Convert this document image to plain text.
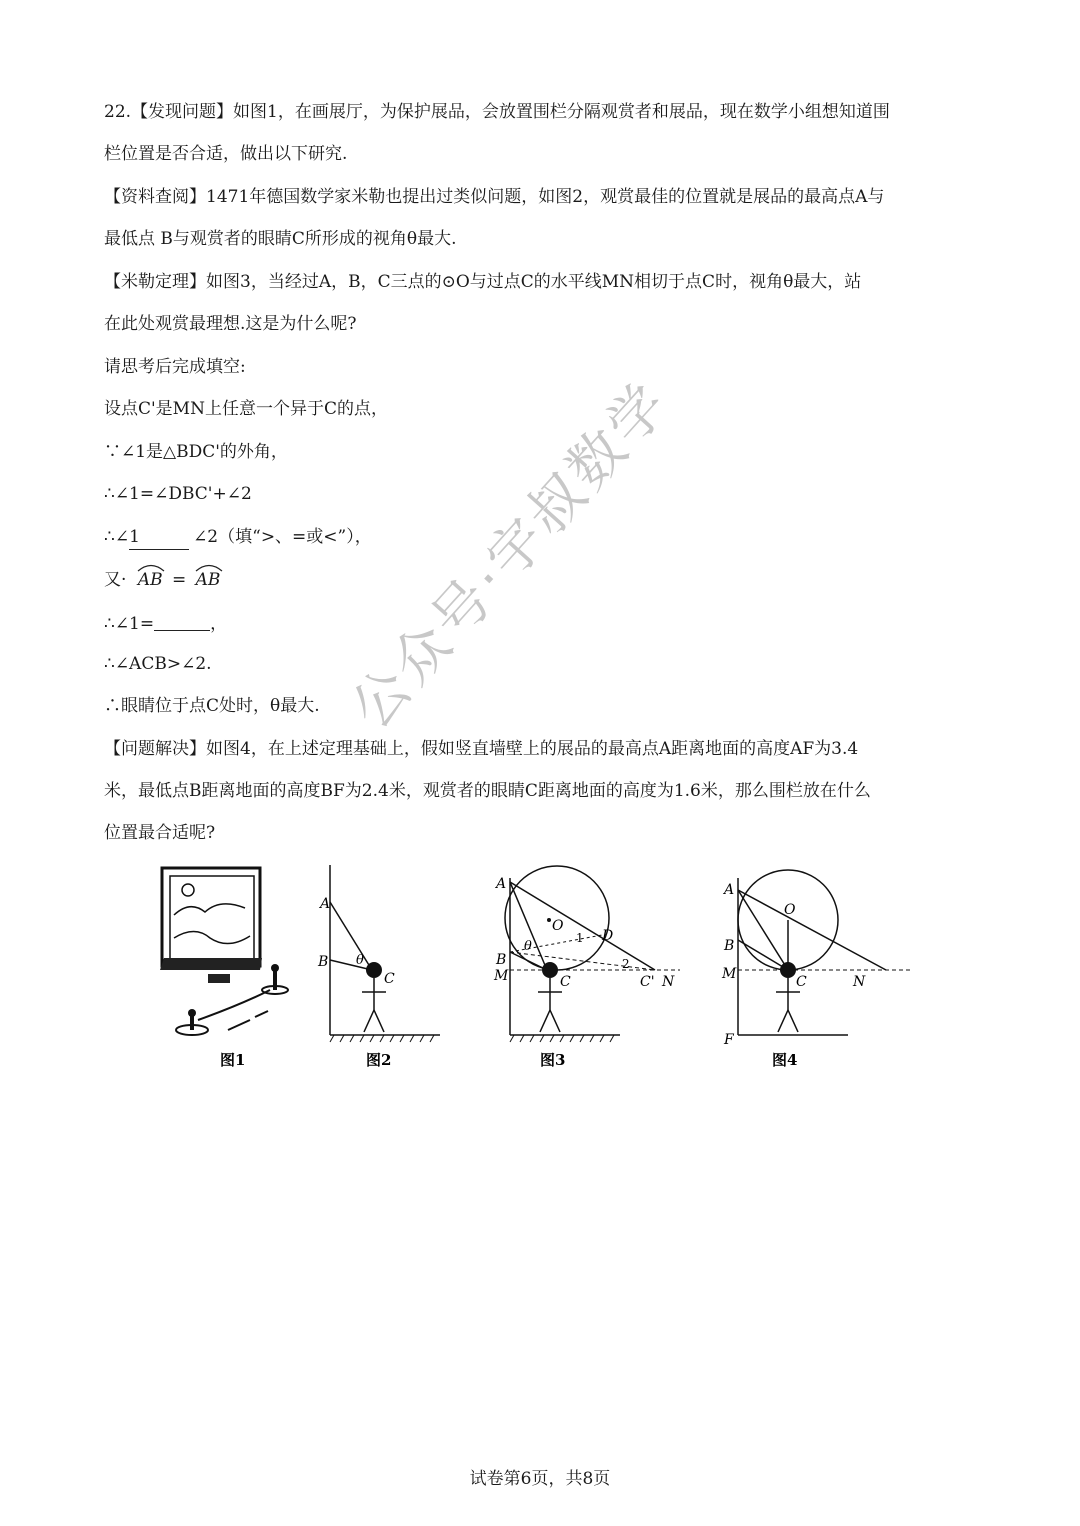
22.【发现问题】如图1，在画展厅，为保护展品，会放置围栏分隔观赏者和展品，现在数学小组想知道围
栏位置是否合适，做出以下研究.
【资料查阅】1471年德国数学家米勒也提出过类似问题，如图2，观赏最佳的位置就是展品的最高点A与
最低点 B与观赏者的眼睛C所形成的视角θ最大.
【米勒定理】如图3，当经过A，B，C三点的⊙O与过点C的水平线MN相切于点C时，视角θ最大，站
在此处观赏最理想.这是为什么呢?
请思考后完成填空:
设点C'是MN上任意一个异于C的点，
∵∠1是△BDC'的外角，
∴∠1=∠DBC'+∠2
∴∠1	∠2（填“>、=或<”），
又· AB = AB
∴∠1=	，
∴∠ACB>∠2.
∴眼睛位于点C处时，θ最大.
【问题解决】如图4，在上述定理基础上，假如竖直墙壁上的展品的最高点A距离地面的高度AF为3.4
米，最低点B距离地面的高度BF为2.4米，观赏者的眼睛C距离地面的高度为1.6米，那么围栏放在什么
位置最合适呢?
图1
A
B
C
θ
图2
A
B
M	C
O
D
C' N
θ
1
2
图3
A
B
M
F
O
C	N
图4
公众号·宇叔数学
试卷第6页，共8页
